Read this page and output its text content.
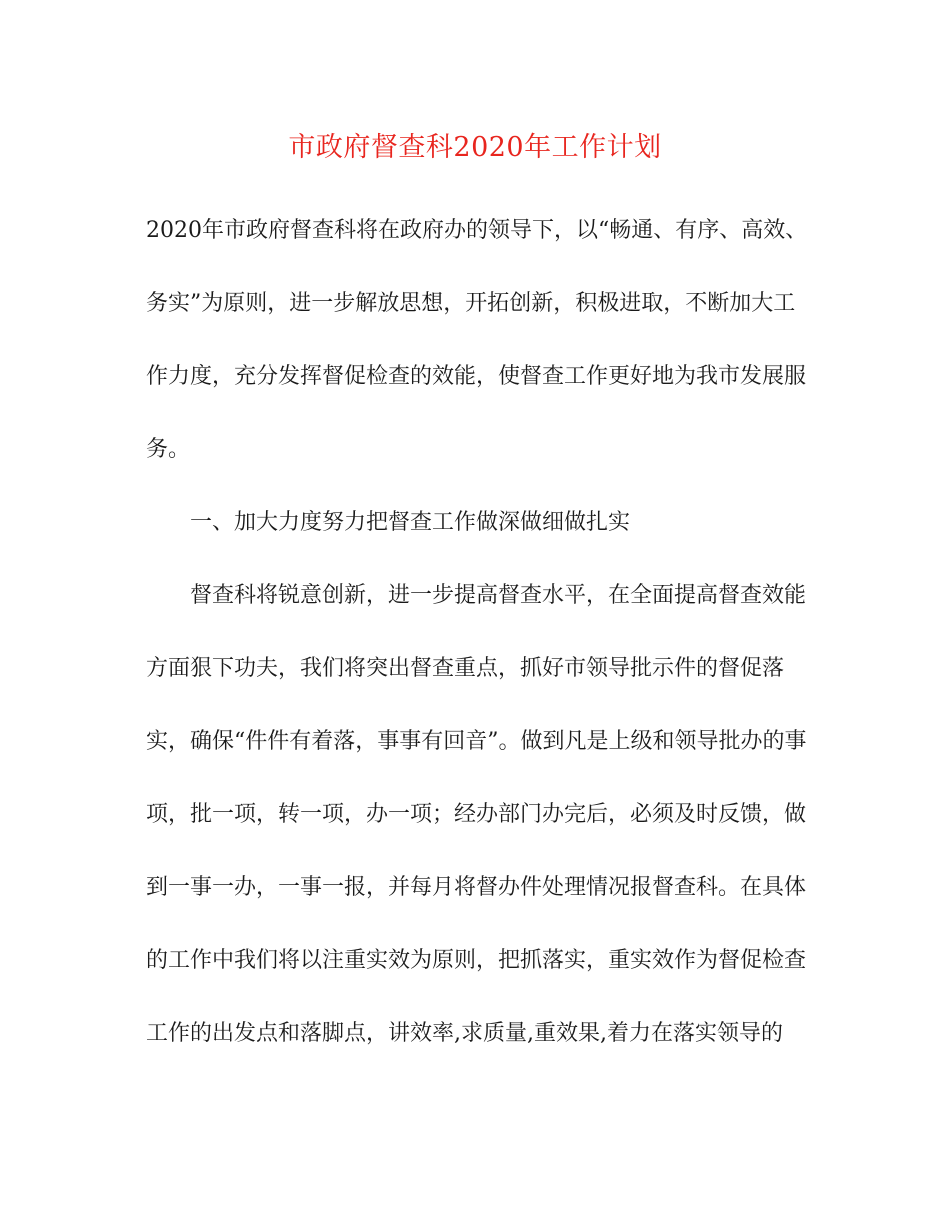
市政府督查科2020年工作计划

2020年市政府督查科将在政府办的领导下，以“畅通、有序、高效、

务实”为原则，进一步解放思想，开拓创新，积极进取，不断加大工

作力度，充分发挥督促检查的效能，使督查工作更好地为我市发展服

务。

一、加大力度努力把督查工作做深做细做扎实

督查科将锐意创新，进一步提高督查水平，在全面提高督查效能

方面狠下功夫，我们将突出督查重点，抓好市领导批示件的督促落

实，确保“件件有着落，事事有回音”。做到凡是上级和领导批办的事

项，批一项，转一项，办一项；经办部门办完后，必须及时反馈，做

到一事一办，一事一报，并每月将督办件处理情况报督查科。在具体

的工作中我们将以注重实效为原则，把抓落实，重实效作为督促检查

工作的出发点和落脚点，讲效率,求质量,重效果,着力在落实领导的
